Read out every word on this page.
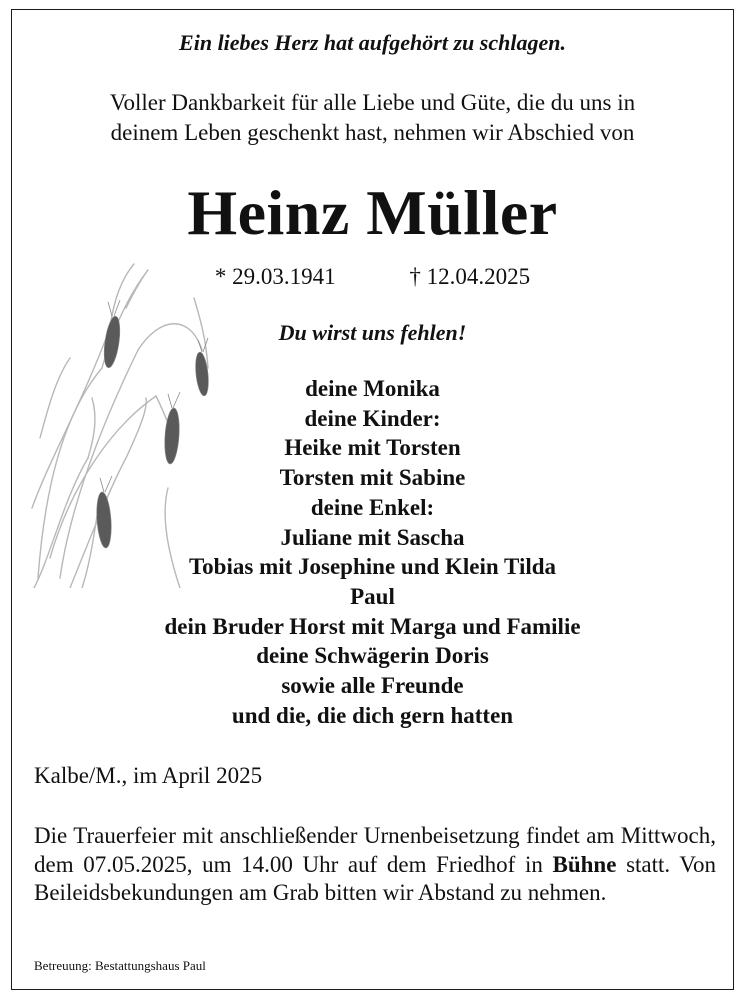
Ein liebes Herz hat aufgehört zu schlagen.
Voller Dankbarkeit für alle Liebe und Güte, die du uns in
deinem Leben geschenkt hast, nehmen wir Abschied von
Heinz Müller
* 29.03.1941	† 12.04.2025
Du wirst uns fehlen!
deine Monika
deine Kinder:
Heike mit Torsten
Torsten mit Sabine
deine Enkel:
Juliane mit Sascha
Tobias mit Josephine und Klein Tilda
Paul
dein Bruder Horst mit Marga und Familie
deine Schwägerin Doris
sowie alle Freunde
und die, die dich gern hatten
Kalbe/M., im April 2025
Die Trauerfeier mit anschließender Urnenbeisetzung findet am Mittwoch, dem 07.05.2025, um 14.00 Uhr auf dem Friedhof in Bühne statt. Von Beileidsbekundungen am Grab bitten wir Abstand zu nehmen.
Betreuung: Bestattungshaus Paul
